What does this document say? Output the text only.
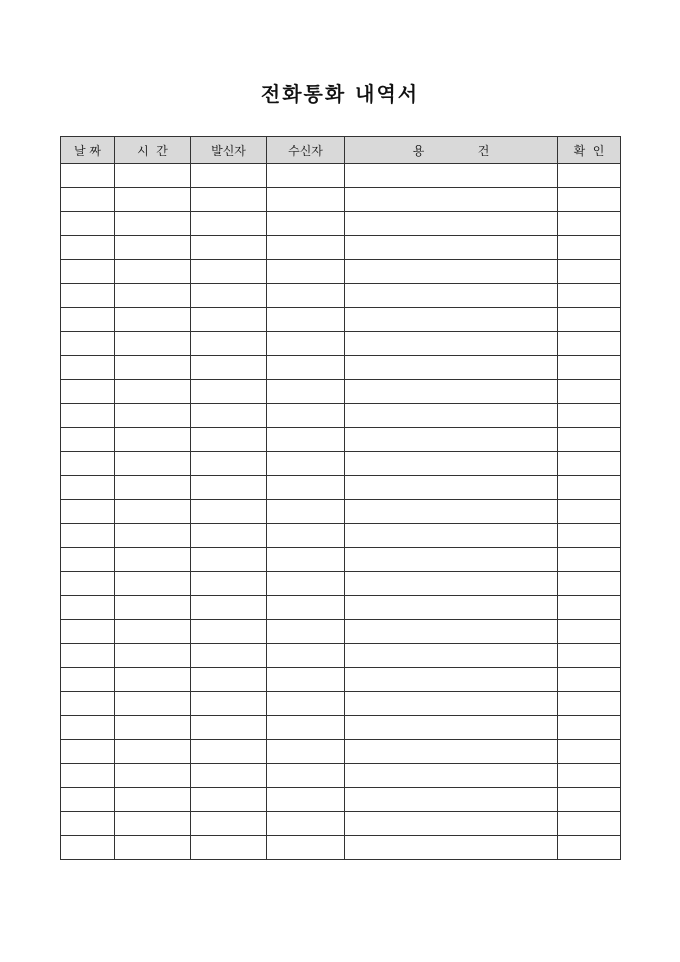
전화통화 내역서
날 짜	시  간	발신자	수신자	용              건	확  인
